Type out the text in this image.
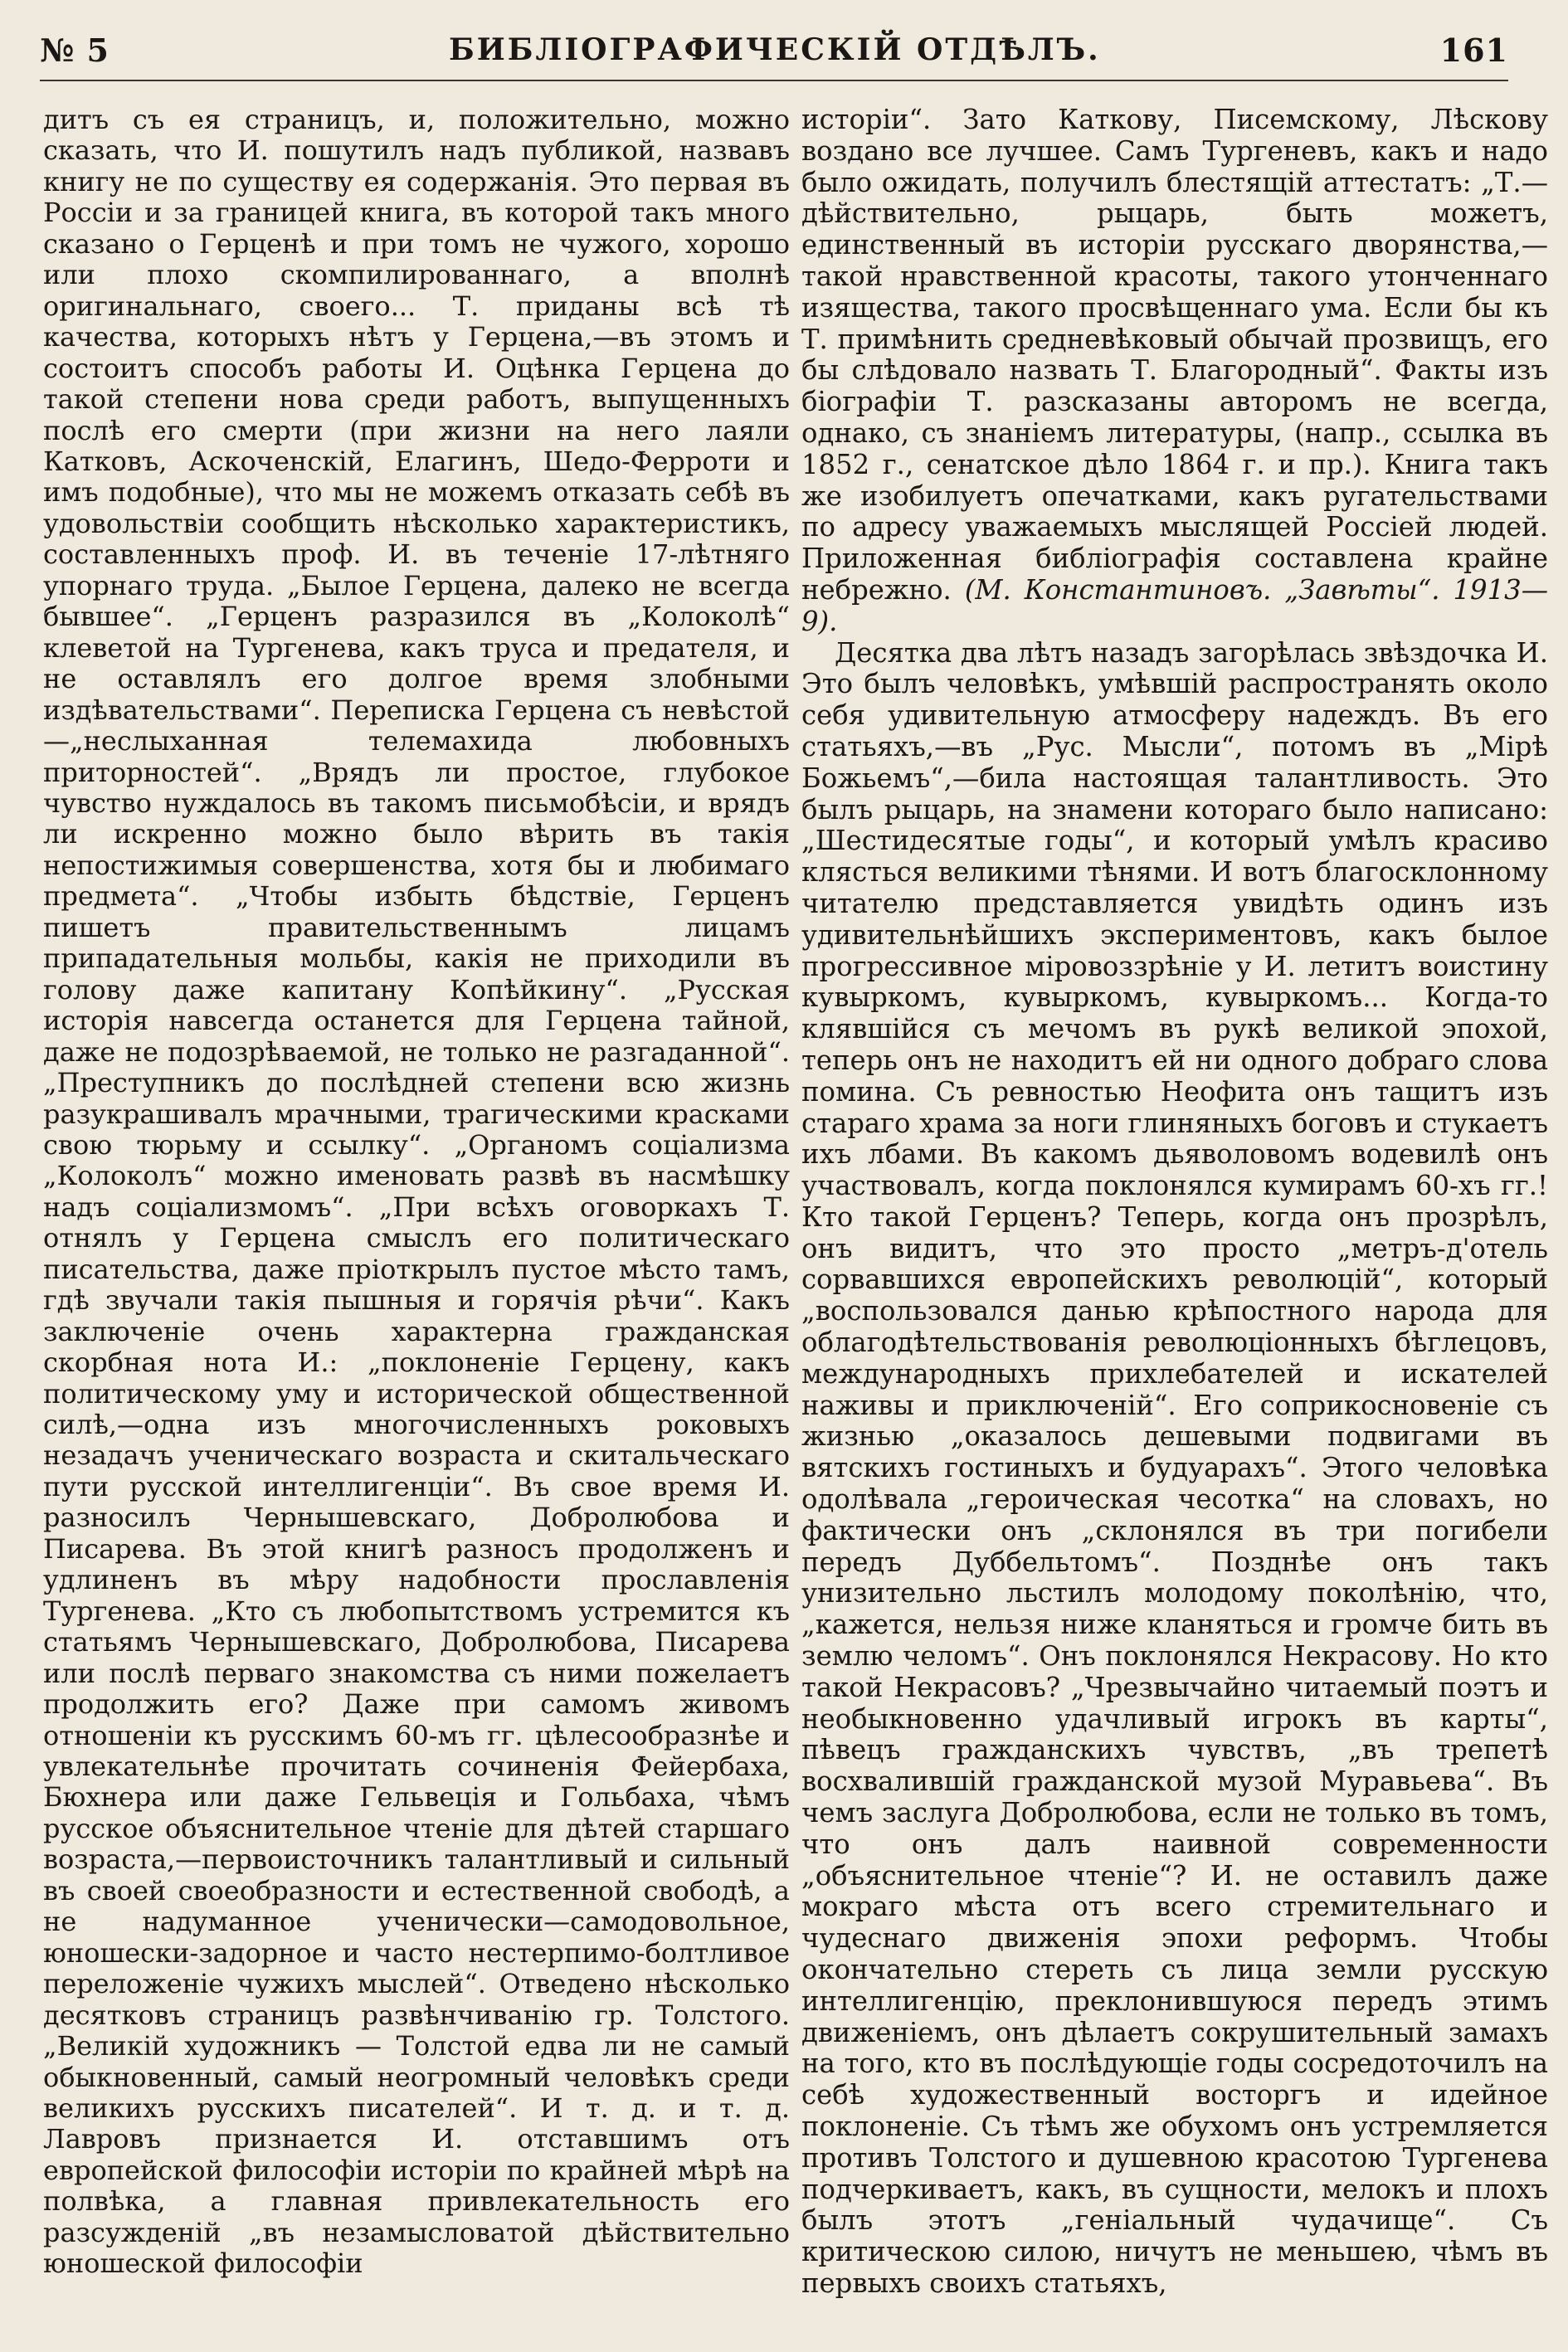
№ 5	БИБЛІОГРАФИЧЕСКІЙ ОТДѢЛЪ.	161

дитъ съ ея страницъ, и, положительно, можно сказать, что И. пошутилъ надъ публикой, назвавъ книгу не по существу ея содержанія. Это первая въ Россіи и за границей книга, въ которой такъ много сказано о Герценѣ и при томъ не чужого, хорошо или плохо скомпилированнаго, а вполнѣ оригинальнаго, своего... Т. приданы всѣ тѣ качества, которыхъ нѣтъ у Герцена,—въ этомъ и состоитъ способъ работы И. Оцѣнка Герцена до такой степени нова среди работъ, выпущенныхъ послѣ его смерти (при жизни на него лаяли Катковъ, Аскоченскій, Елагинъ, Шедо-Ферроти и имъ подобные), что мы не можемъ отказать себѣ въ удовольствіи сообщить нѣсколько характеристикъ, составленныхъ проф. И. въ теченіе 17-лѣтняго упорнаго труда. „Былое Герцена, далеко не всегда бывшее“. „Герценъ разразился въ „Колоколѣ“ клеветой на Тургенева, какъ труса и предателя, и не оставлялъ его долгое время злобными издѣвательствами“. Переписка Герцена съ невѣстой—„неслыханная телемахида любовныхъ приторностей“. „Врядъ ли простое, глубокое чувство нуждалось въ такомъ письмобѣсіи, и врядъ ли искренно можно было вѣрить въ такія непостижимыя совершенства, хотя бы и любимаго предмета“. „Чтобы избыть бѣдствіе, Герценъ пишетъ правительственнымъ лицамъ припадательныя мольбы, какія не приходили въ голову даже капитану Копѣйкину“. „Русская исторія навсегда останется для Герцена тайной, даже не подозрѣваемой, не только не разгаданной“. „Преступникъ до послѣдней степени всю жизнь разукрашивалъ мрачными, трагическими красками свою тюрьму и ссылку“. „Органомъ соціализма „Колоколъ“ можно именовать развѣ въ насмѣшку надъ соціализмомъ“. „При всѣхъ оговоркахъ Т. отнялъ у Герцена смыслъ его политическаго писательства, даже пріоткрылъ пустое мѣсто тамъ, гдѣ звучали такія пышныя и горячія рѣчи“. Какъ заключеніе очень характерна гражданская скорбная нота И.: „поклоненіе Герцену, какъ политическому уму и исторической общественной силѣ,—одна изъ многочисленныхъ роковыхъ незадачъ ученическаго возраста и скитальческаго пути русской интеллигенціи“. Въ свое время И. разносилъ Чернышевскаго, Добролюбова и Писарева. Въ этой книгѣ разносъ продолженъ и удлиненъ въ мѣру надобности прославленія Тургенева. „Кто съ любопытствомъ устремится къ статьямъ Чернышевскаго, Добролюбова, Писарева или послѣ перваго знакомства съ ними пожелаетъ продолжить его? Даже при самомъ живомъ отношеніи къ русскимъ 60-мъ гг. цѣлесообразнѣе и увлекательнѣе прочитать сочиненія Фейербаха, Бюхнера или даже Гельвеція и Гольбаха, чѣмъ русское объяснительное чтеніе для дѣтей старшаго возраста,—первоисточникъ талантливый и сильный въ своей своеобразности и естественной свободѣ, а не надуманное ученически—самодовольное, юношески-задорное и часто нестерпимо-болтливое переложеніе чужихъ мыслей“. Отведено нѣсколько десятковъ страницъ развѣнчиванію гр. Толстого. „Великій художникъ — Толстой едва ли не самый обыкновенный, самый неогромный человѣкъ среди великихъ русскихъ писателей“. И т. д. и т. д. Лавровъ признается И. отставшимъ отъ европейской философіи исторіи по крайней мѣрѣ на полвѣка, а главная привлекательность его разсужденій „въ незамысловатой дѣйствительно юношеской философіи

исторіи“. Зато Каткову, Писемскому, Лѣскову воздано все лучшее. Самъ Тургеневъ, какъ и надо было ожидать, получилъ блестящій аттестатъ: „Т.—дѣйствительно, рыцарь, быть можетъ, единственный въ исторіи русскаго дворянства,—такой нравственной красоты, такого утонченнаго изящества, такого просвѣщеннаго ума. Если бы къ Т. примѣнить средневѣковый обычай прозвищъ, его бы слѣдовало назвать Т. Благородный“. Факты изъ біографіи Т. разсказаны авторомъ не всегда, однако, съ знаніемъ литературы, (напр., ссылка въ 1852 г., сенатское дѣло 1864 г. и пр.). Книга такъ же изобилуетъ опечатками, какъ ругательствами по адресу уважаемыхъ мыслящей Россіей людей. Приложенная библіографія составлена крайне небрежно. (М. Константиновъ. „Завѣты“. 1913—9).

Десятка два лѣтъ назадъ загорѣлась звѣздочка И. Это былъ человѣкъ, умѣвшій распространять около себя удивительную атмосферу надеждъ. Въ его статьяхъ,—въ „Рус. Мысли“, потомъ въ „Мірѣ Божьемъ“,—била настоящая талантливость. Это былъ рыцарь, на знамени котораго было написано: „Шестидесятые годы“, и который умѣлъ красиво клясться великими тѣнями. И вотъ благосклонному читателю представляется увидѣть одинъ изъ удивительнѣйшихъ экспериментовъ, какъ былое прогрессивное міровоззрѣніе у И. летитъ воистину кувыркомъ, кувыркомъ, кувыркомъ... Когда-то клявшійся съ мечомъ въ рукѣ великой эпохой, теперь онъ не находитъ ей ни одного добраго слова помина. Съ ревностью Неофита онъ тащитъ изъ стараго храма за ноги глиняныхъ боговъ и стукаетъ ихъ лбами. Въ какомъ дьяволовомъ водевилѣ онъ участвовалъ, когда поклонялся кумирамъ 60-хъ гг.! Кто такой Герценъ? Теперь, когда онъ прозрѣлъ, онъ видитъ, что это просто „метръ-д'отель сорвавшихся европейскихъ революцій“, который „воспользовался данью крѣпостного народа для облагодѣтельствованія революціонныхъ бѣглецовъ, международныхъ прихлебателей и искателей наживы и приключеній“. Его соприкосновеніе съ жизнью „оказалось дешевыми подвигами въ вятскихъ гостиныхъ и будуарахъ“. Этого человѣка одолѣвала „героическая чесотка“ на словахъ, но фактически онъ „склонялся въ три погибели передъ Дуббельтомъ“. Позднѣе онъ такъ унизительно льстилъ молодому поколѣнію, что, „кажется, нельзя ниже кланяться и громче бить въ землю челомъ“. Онъ поклонялся Некрасову. Но кто такой Некрасовъ? „Чрезвычайно читаемый поэтъ и необыкновенно удачливый игрокъ въ карты“, пѣвецъ гражданскихъ чувствъ, „въ трепетѣ восхвалившій гражданской музой Муравьева“. Въ чемъ заслуга Добролюбова, если не только въ томъ, что онъ далъ наивной современности „объяснительное чтеніе“? И. не оставилъ даже мокраго мѣста отъ всего стремительнаго и чудеснаго движенія эпохи реформъ. Чтобы окончательно стереть съ лица земли русскую интеллигенцію, преклонившуюся передъ этимъ движеніемъ, онъ дѣлаетъ сокрушительный замахъ на того, кто въ послѣдующіе годы сосредоточилъ на себѣ художественный восторгъ и идейное поклоненіе. Съ тѣмъ же обухомъ онъ устремляется противъ Толстого и душевною красотою Тургенева подчеркиваетъ, какъ, въ сущности, мелокъ и плохъ былъ этотъ „геніальный чудачище“. Съ критическою силою, ничутъ не меньшею, чѣмъ въ первыхъ своихъ статьяхъ,
